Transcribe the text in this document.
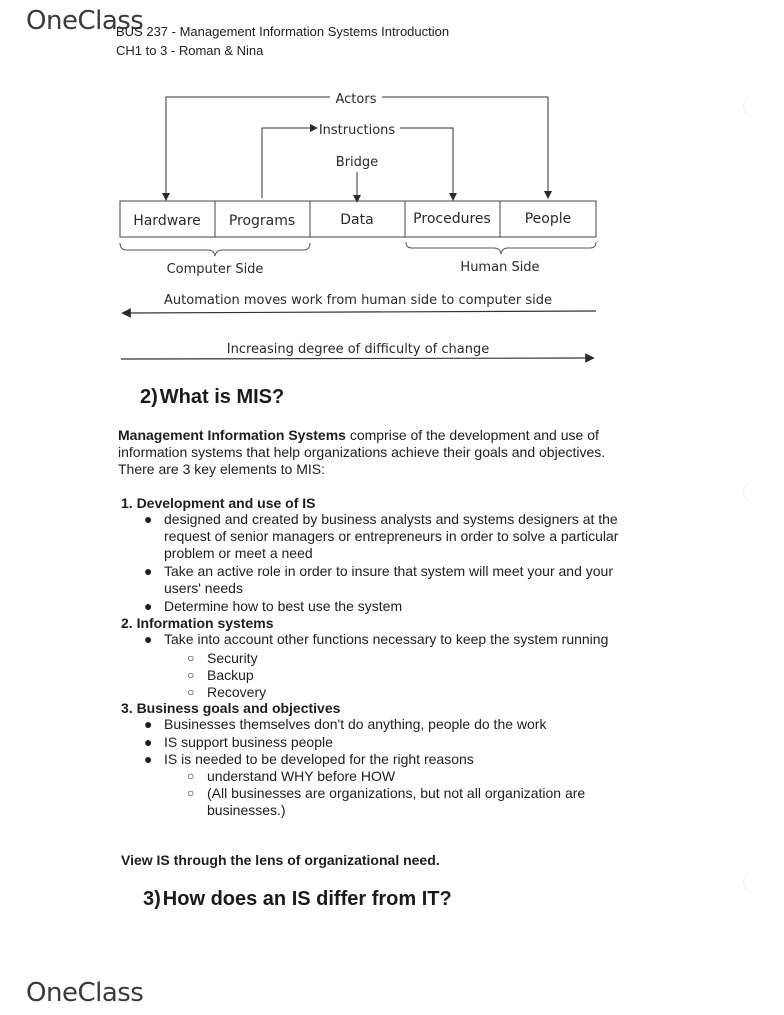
OneClass
BUS 237 - Management Information Systems Introduction
CH1 to 3 - Roman & Nina
Actors
Instructions
Bridge
Hardware Programs	Data	Procedures People
Computer Side	Human Side
Automation moves work from human side to computer side
Increasing degree of difficulty of change
2) What is MIS?
Management Information Systems comprise of the development and use of
information systems that help organizations achieve their goals and objectives.
There are 3 key elements to MIS:
1. Development and use of IS
● designed and created by business analysts and systems designers at the
request of senior managers or entrepreneurs in order to solve a particular
problem or meet a need
● Take an active role in order to insure that system will meet your and your
users' needs
● Determine how to best use the system
2. Information systems
● Take into account other functions necessary to keep the system running
○ Security
○ Backup
○ Recovery
3. Business goals and objectives
● Businesses themselves don't do anything, people do the work
● IS support business people
● IS is needed to be developed for the right reasons
○ understand WHY before HOW
○ (All businesses are organizations, but not all organization are
businesses.)
View IS through the lens of organizational need.
3) How does an IS differ from IT?
OneClass
